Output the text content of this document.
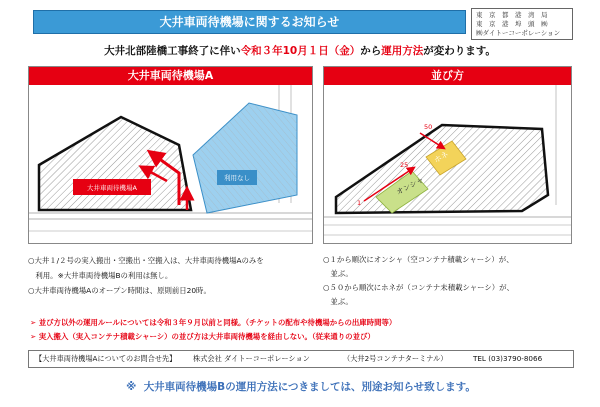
大井車両待機場に関するお知らせ	東　京　都　港　湾　局
東　京　港　埠　頭　㈱
㈱ダイトーコーポレーション
大井北部陸橋工事終了に伴い令和３年10月１日（金）から運用方法が変わります。
大井車両待機場A
大井車両待機場A
利用なし
並び方
オンシャ
ホネ
1
25
50
○大井１/２号の実入搬出・空搬出・空搬入は、大井車両待機場Aのみを
　利用。※大井車両待機場Bの利用は無し。
○大井車両待機場Aのオープン時間は、原則前日20時。
○１から順次にオンシャ（空コンテナ積載シャーシ）が、
　並ぶ。
○５０から順次にホネが（コンテナ未積載シャーシ）が、
　並ぶ。
➢ 並び方以外の運用ルールについては令和３年９月以前と同様。（チケットの配布や待機場からの出庫時間等）
➢ 実入搬入（実入コンテナ積載シャーシ）の並び方は大井車両待機場を経由しない。（従来通りの並び）
【大井車両待機場Aについてのお問合せ先】	株式会社 ダイトーコーポレーション	（大井2号コンテナターミナル）	TEL (03)3790-8066
※ 大井車両待機場Bの運用方法につきましては、別途お知らせ致します。
